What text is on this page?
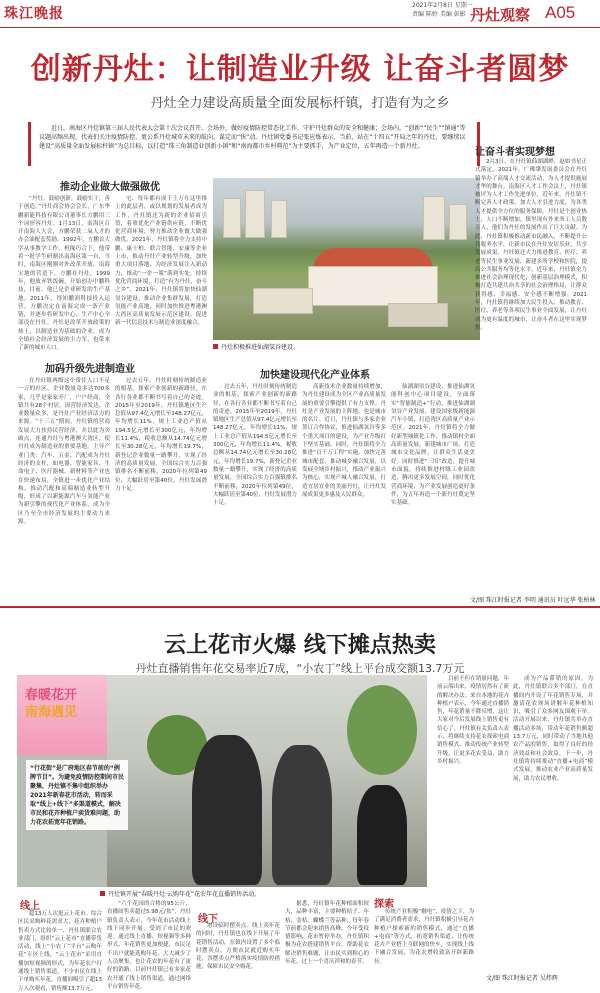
珠江晚报
2021年2月8日 星期一
责编 陈婷 美编 彭影 丹灶观察 A05
创新丹灶：让制造业升级 让奋斗者圆梦
丹灶全力建设高质量全面发展标杆镇，打造有为之乡

近日，南海区丹灶镇第三届人民代表大会第十次会议召开。会场外，做好疫情防控常态化工作，守护丹灶群众的安全和健康；会场内，“创新”“民生”“镇通”等议题高频出现，代表们关注疫情防控、更公系丹灶城市未来的航向。谋定而“快”动。丹灶镇党委书记张应炼表示，当前，站在“十四五”开局之年的丹灶，要继续以建设“高质量全面发展标杆镇”为总目标，以打造“珠三角制造业创新小镇”和“南海都市乡村典范”为主要抓手，为产业定位，五年再造一个新丹灶。

让奋斗者实现梦想
推动企业做大做强做优

“丹灶，鼓励创新，鼓励实干，善于创造。”丹灶商会协会会长，广东华鹏新能科技有限公司董事长方鹏用三个词形容丹灶。1月13日，南海区召开南海人大会，方鹏荣获二氧人才的办会油配套奖励。1992年，方鹏首大学从事教学工作，机缘巧合下，他带着一批学生研制出南海区第一台，当时，南海区刚刚对外改革开放，南海宝地的营造下，方鹏在丹灶，1999年，他放弃铁饭碗，开始创办中鹏科技，目前，他已是企业研发的生产基地。2011年，得知鹏润科技投入运营，方鹏决定在南海完成一条产业链，并逐步将研发中心、生产中心全部设在丹灶。丹灶是改革开放政策的热土，以制造业为基础的企业，成为全镇社会经济发展的主力军，也带来了新的城市人口。

宅、每年都有成千上万在这里推上的此层者，或以规划的发展者成为工作，丹灶镇还为新的企业招商引资，着重优化产业链供应链，不断优化营商环境，努力推动企业做大做强做优。2021年，丹灶镇将全力支持中鹏、康士柏、联合智能、安康等企业上市，推动丹灶产业转型升级，加快重大项目落地，为经济发展注入新动力，推动“一企一策”落到实处，持续优化营商环境，打造“有为丹灶，奋斗之乡”。2021年，丹灶镇将加快仙湖氢谷建设，推动企业集群发展，打造氢能产业高地，同时加快推进粤港澳大湾区高质量发展示范区建设，促进新一代信息技术与制造业深度融合。

丹灶积极推进仙湖氢谷建设。

2月3日，在丹灶镇仙湖湖畔，赵如书星正式落定，2021年，广佛肇发展委员会在丹灶镇举办了高端人才交流活动，为人才提供施展才华的舞台。南海区人才工作会议上，丹灶镇被评为人才工作先进单位，近年来，丹灶镇不断完善人才政策，加大人才引进力度，为各类人才提供全方位的服务保障。丹灶是个创业热土，人口不断增加，镇里现有外来务工人员数万人，他们为丹灶的发展作出了巨大贡献。为此，丹灶镇积极推动新市民融入，不断提升公共服务水平，让新市民在丹灶安居乐业，共享发展成果。丹灶镇还大力推进教育、医疗、养老等民生事业发展，新建多所学校和医院，提高公共服务均等化水平。近年来，丹灶镇全力推进社会治理现代化，创新基层治理模式，积极打造共建共治共享的社会治理格局，让群众获得感、幸福感、安全感不断增强。2021年，丹灶镇将继续加大民生投入，推动教育、医疗、养老等各项民生事业全面发展，让丹灶成为更有温度的城市，让奋斗者在这里实现梦想。

加码升级先进制造业

在丹灶镇两级这个常住人口不足一万的社区，企业数量竟多达700多家，几乎是家家开厂，户户经商。全镇共有28个村居，因营经济发达，企业数量众多，是丹灶产业经济活力的来源。“十三五”期间，丹灶镇的营商发展大力扶持民营经济，并以此为突破点，连通丹灶与粤港澳大湾区，使丹灶成为制造业的重要基地。主导产业门类：汽车、五金、汽配成为丹灶经济的支柱，如电器、智能家具、生命电子、医疗器械、新材料等产业也在快速布局，全镇进一步优化产业结构，推动汽配和高端制造业转型升级，形成了以新能源汽车与氢能产业为新引擎的现代化产业体系，成为全区乃至全市经济发展的主要动力来源。

过去五年，丹灶时刻传统制造业的根基，探索产业创新的新路径，在各行各业都不断书写着自己的奇迹。2015年至2019年，丹灶镇地区生产总值从97.4亿元增长至148.27亿元，年均增长11%，规上工业总产值从194.5亿元增长至300亿元，年均增长11.4%，税收总额从14.74亿元增长至30.28亿元，年均增长19.7%，新登记企业数量一路攀升，实现了经济的高质量发展，全国综合实力百强镇排名不断前移，2020年位列第49位，大幅跃居至第40位，丹灶发展潜力十足。

加快建设现代化产业体系

过去五年，丹灶时刻传统制造业的根基，探索产业创新的新路径，在各行各业都不断书写着自己的奇迹。2015年至2019年，丹灶镇地区生产总值从97.4亿元增长至148.27亿元，年均增长11%，规上工业总产值从194.5亿元增长至300亿元，年均增长11.4%，税收总额从14.74亿元增长至30.28亿元，年均增长19.7%，新登记企业数量一路攀升，实现了经济的高质量发展，全国综合实力百强镇排名不断前移，2020年位列第49位，大幅跃居至第40位，丹灶发展潜力十足。

高新技术企业数量持续增加，为丹灶建设成为全区产业高质量发展的重要引擎提供了有力支撑。丹灶是产业发展的主阵地，也是城市的名片。近日，丹灶镇与多家企业签订合作协议，推进仙湖氢谷等多个重大项目的建设，为产业升级打下坚实基础。同时，丹灶镇将全力推进“百千万工程”实施，加快完善城市配套，推动城乡融合发展，以发展全域乡村振兴，推动产业振兴为核心，实现产城人融合发展，打造宜居宜业的美丽丹灶，让丹灶发展成果更多惠及人民群众。

仙湖湖氢谷建设，推进仙湖氢能科创中心项目建设，全面落实“智能制造+”行动，推进仙湖湖氢谷产业发展，建设国家级新能源汽车小镇，打造湾区高质量产业示范区。2021年，丹灶镇将全力做好新型城镇化工作，推动镇村全面高质量发展，新建城市广场，打造城市文化品牌，让群众生活更美好。同时推进“三旧”改造，提升城市面貌，持续推进村级工业园改造，腾出更多发展空间，同时优化营商环境，为产业发展创造更好条件，为五年再造一个新丹灶奠定坚实基础。

文/图 珠江时报记者 李明 通讯员 叶远华 张柏林
云上花市火爆 线下摊点热卖
丹灶直播销售年花交易率近7成，“小农丁”线上平台成交额13.7万元
春暖花开
南海遇见
“行花街”是广府地区春节前的“例牌节目”。为避免疫情防控期间市民聚集，丹灶镇不集中组织举办2021年新春花市活动，转而采取“线上+线下”多渠道模式，解决市民和花卉种植户卖货难问题，助力花农拓宽年花销路。
丹灶镇开展“春暖丹灶·云购年花”花农年花直播销售活动。
线上

超13万人次逛云上花市。综合区民采购鲜花需求大，花卉种植户售卖方式比较单一，丹灶镇联合农业部门，组织“云上花市”直播带货活动，线上“小农丁”平台“云购年花”专区上线，“云上花市”采用直播加短视频的形式，为年花农户打通线上销售渠道，不少市民在线上下单购买年花，直播间吸引了超13万人次观看，销售额13.7万元。

“六个花园的合格的95公斤，直播间售卖超过5.98元/盆”，丹灶镇负责人表示，今年花市活动线上线下同步开展，受到了市民的欢迎。通过线上直播、短视频等多种形式，年花销售更加便捷，市民足不出户就能选购年花，大大减少了人员聚集，也让花农的年花有了更好的销路。目前丹灶镇已有多家花农开通了线上销售渠道，通过网络平台销售年花。

线下

增设临时摆卖点。线上卖年花的同时，丹灶镇也在线下开展了年花销售活动，在镇内设置了多个临时摆卖点，方便市民就近购买年花，各摆卖点严格落实疫情防控措施，保障市民安全购花。

据悉，丹灶镇年花种植面积较大，品种丰富，主要种植桔子、年桔、金桔、蝴蝶兰等品种，每年春节前都会迎来销售高峰，今年受疫情影响，花市暂停举办，丹灶镇积极为花农搭建销售平台，帮助花农解决销售难题，让市民买到称心的年花，过上一个喜庆祥和的春节。

目前不但在销量问题，年前云端出来，疫情居然有了新的解决办法。来自本地的花卉种植户表示，今年通过直播销售，年花销量不降反增，这让大家对今后发展线上销售更有信心了。丹灶镇有关负责人表示，将继续支持花农探索电商销售模式，推动传统产业转型升级，让更多花农受益，助力乡村振兴。

成为产品滞销的原因，为此，丹灶镇联合多个部门，在直播间内开设了年花销售专场，并邀请花农现场讲解年花种植知识，吸引了众多网友围观下单。活动开展以来，丹灶镇共举办直播活动多场，带动年花销售额超13.7万元，同时带动了当地其他农产品的销售，取得了良好的经济效益和社会效益。下一步，丹灶镇将持续推动“直播+电商”模式发展，推动农业产业高质量发展，助力农民增收。

探索

传统产业积极“触电”。疫情之下，为了满足消费者需求，丹灶镇积极引导花卉种植户探索新的销售模式，通过“直播+电商”等方式，拓宽销售渠道，让传统花卉产业搭上互联网的快车，实现线上线下融合发展，为花农增收致富开辟新路径。

文/图 珠江时报记者 吴炜辉
